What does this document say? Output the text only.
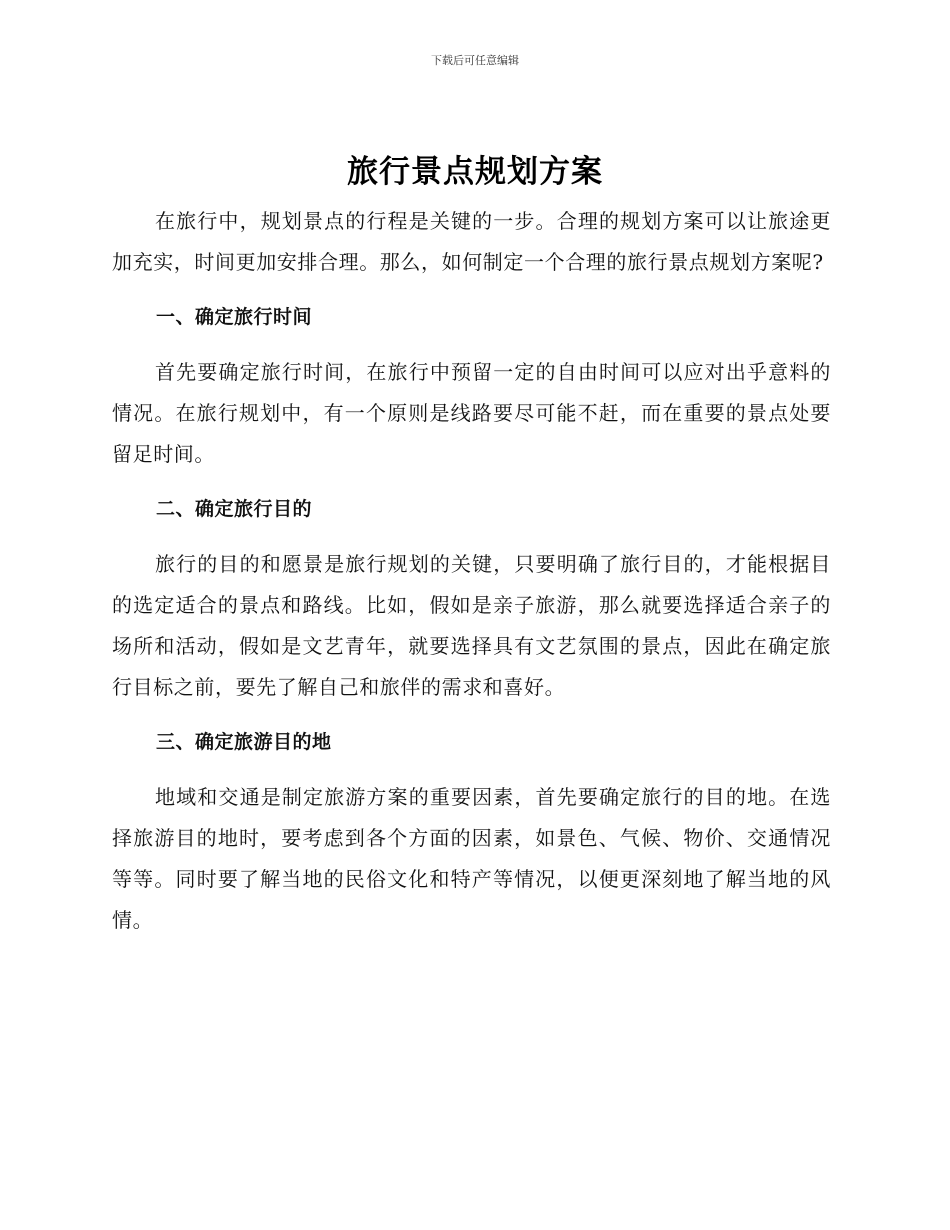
下载后可任意编辑
旅行景点规划方案

在旅行中，规划景点的行程是关键的一步。合理的规划方案可以让旅途更加充实，时间更加安排合理。那么，如何制定一个合理的旅行景点规划方案呢?

一、确定旅行时间

首先要确定旅行时间，在旅行中预留一定的自由时间可以应对出乎意料的情况。在旅行规划中，有一个原则是线路要尽可能不赶，而在重要的景点处要留足时间。

二、确定旅行目的

旅行的目的和愿景是旅行规划的关键，只要明确了旅行目的，才能根据目的选定适合的景点和路线。比如，假如是亲子旅游，那么就要选择适合亲子的场所和活动，假如是文艺青年，就要选择具有文艺氛围的景点，因此在确定旅行目标之前，要先了解自己和旅伴的需求和喜好。

三、确定旅游目的地

地域和交通是制定旅游方案的重要因素，首先要确定旅行的目的地。在选择旅游目的地时，要考虑到各个方面的因素，如景色、气候、物价、交通情况等等。同时要了解当地的民俗文化和特产等情况，以便更深刻地了解当地的风情。
